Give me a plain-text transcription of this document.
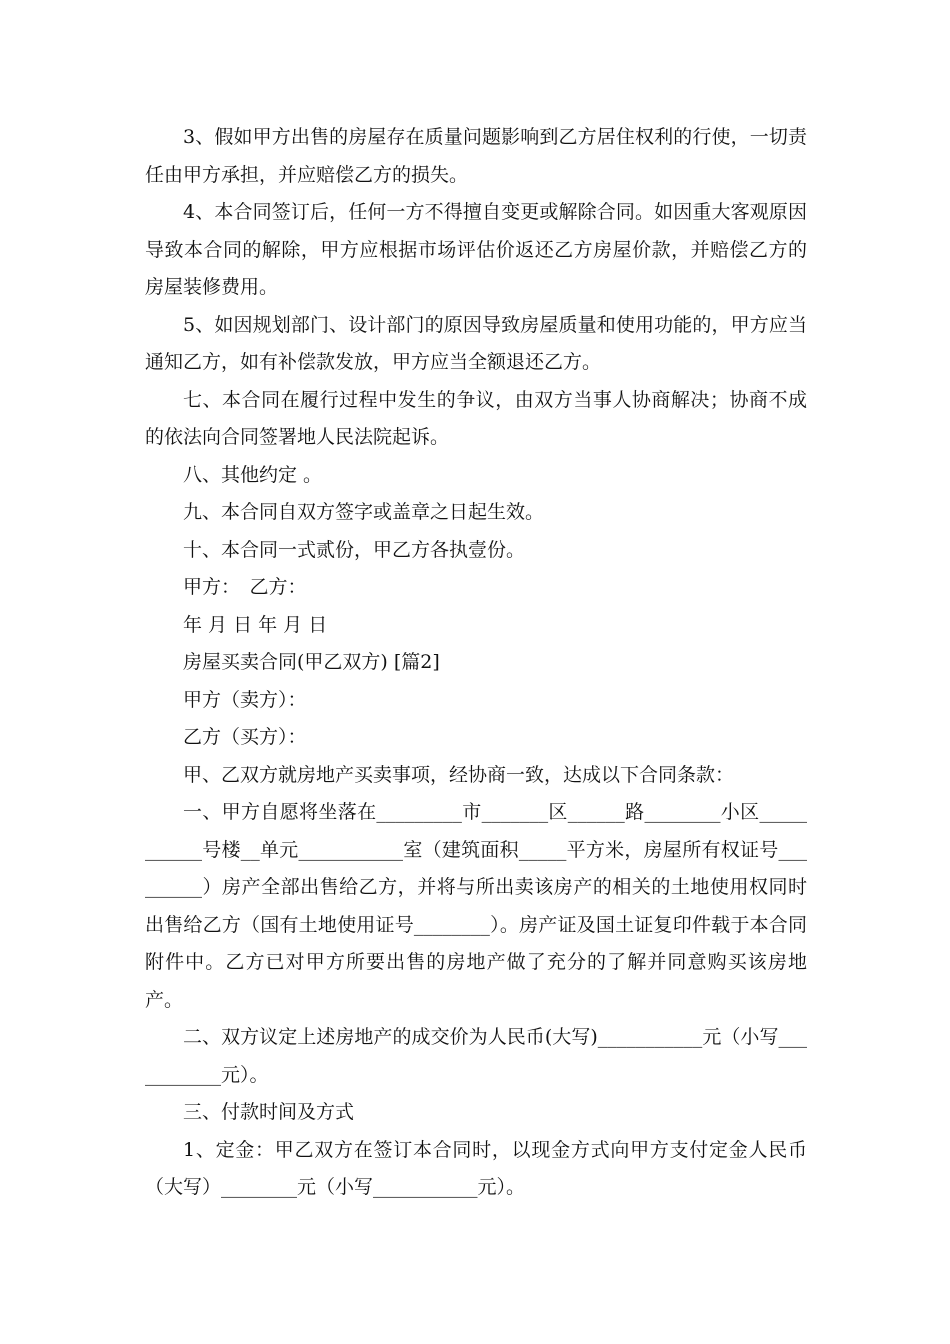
3、假如甲方出售的房屋存在质量问题影响到乙方居住权利的行使，一切责任由甲方承担，并应赔偿乙方的损失。

4、本合同签订后，任何一方不得擅自变更或解除合同。如因重大客观原因导致本合同的解除，甲方应根据市场评估价返还乙方房屋价款，并赔偿乙方的房屋装修费用。

5、如因规划部门、设计部门的原因导致房屋质量和使用功能的，甲方应当通知乙方，如有补偿款发放，甲方应当全额退还乙方。

七、本合同在履行过程中发生的争议，由双方当事人协商解决；协商不成的依法向合同签署地人民法院起诉。

八、其他约定 。

九、本合同自双方签字或盖章之日起生效。

十、本合同一式贰份，甲乙方各执壹份。

甲方：　乙方：

年 月 日 年 月 日

房屋买卖合同(甲乙双方) [篇2]

甲方（卖方）：

乙方（买方）：

甲、乙双方就房地产买卖事项，经协商一致，达成以下合同条款：

一、甲方自愿将坐落在_________市_______区______路________小区___________号楼__单元___________室（建筑面积_____平方米，房屋所有权证号_________）房产全部出售给乙方，并将与所出卖该房产的相关的土地使用权同时出售给乙方（国有土地使用证号________）。房产证及国土证复印件载于本合同附件中。乙方已对甲方所要出售的房地产做了充分的了解并同意购买该房地产。

二、双方议定上述房地产的成交价为人民币(大写)___________元（小写___________元）。

三、付款时间及方式

1、定金：甲乙双方在签订本合同时，以现金方式向甲方支付定金人民币（大写）________元（小写___________元）。
